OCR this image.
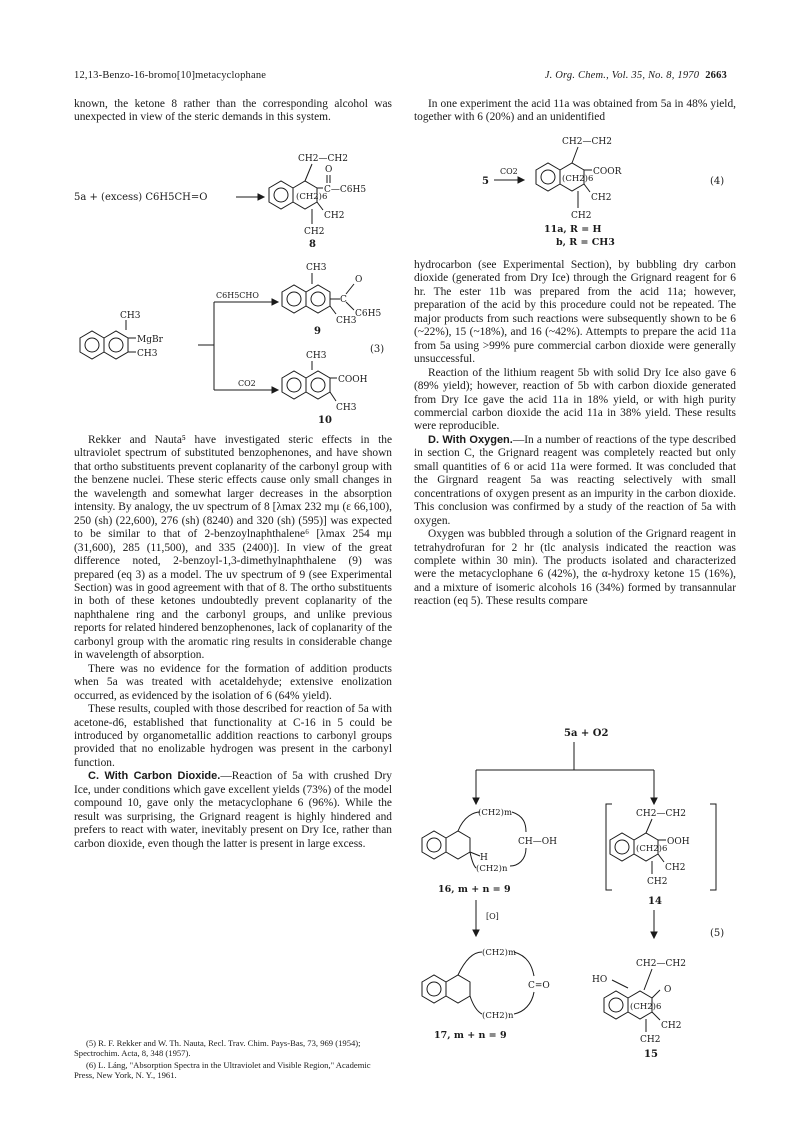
12,13-Benzo-16-bromo[10]metacyclophane	J. Org. Chem., Vol. 35, No. 8, 1970 2663

known, the ketone 8 rather than the corresponding alcohol was unexpected in view of the steric demands in this system.

5a + (excess) C6H5CH=O
CH2—CH2
O
C—C6H5
(CH2)6
CH2
CH2
8
CH3
MgBr
CH3
C6H5CHO
CO2
CH3
C
O
C6H5
CH3
9
(3)
CH3
COOH
CH3
10

Rekker and Nauta⁵ have investigated steric effects in the ultraviolet spectrum of substituted benzophenones, and have shown that ortho substituents prevent coplanarity of the carbonyl group with the benzene nuclei. These steric effects cause only small changes in the wavelength and somewhat larger decreases in the absorption intensity. By analogy, the uv spectrum of 8 [λmax 232 mμ (ε 66,100), 250 (sh) (22,600), 276 (sh) (8240) and 320 (sh) (595)] was expected to be similar to that of 2-benzoylnaphthalene⁶ [λmax 254 mμ (31,600), 285 (11,500), and 335 (2400)]. In view of the great difference noted, 2-benzoyl-1,3-dimethylnaphthalene (9) was prepared (eq 3) as a model. The uv spectrum of 9 (see Experimental Section) was in good agreement with that of 8. The ortho substituents in both of these ketones undoubtedly prevent coplanarity of the naphthalene ring and the carbonyl groups, and unlike previous reports for related hindered benzophenones, lack of coplanarity of the carbonyl group with the aromatic ring results in considerable change in wavelength of absorption.

There was no evidence for the formation of addition products when 5a was treated with acetaldehyde; extensive enolization occurred, as evidenced by the isolation of 6 (64% yield).

These results, coupled with those described for reaction of 5a with acetone-d6, established that functionality at C-16 in 5 could be introduced by organometallic addition reactions to carbonyl groups provided that no enolizable hydrogen was present in the carbonyl function.

C. With Carbon Dioxide.—Reaction of 5a with crushed Dry Ice, under conditions which gave excellent yields (73%) of the model compound 10, gave only the metacyclophane 6 (96%). While the result was surprising, the Grignard reagent is highly hindered and prefers to react with water, inevitably present on Dry Ice, rather than carbon dioxide, even though the latter is present in large excess.

(5) R. F. Rekker and W. Th. Nauta, Recl. Trav. Chim. Pays-Bas, 73, 969 (1954); Spectrochim. Acta, 8, 348 (1957).

(6) L. Láng, "Absorption Spectra in the Ultraviolet and Visible Region," Academic Press, New York, N. Y., 1961.

In one experiment the acid 11a was obtained from 5a in 48% yield, together with 6 (20%) and an unidentified

5
CO2
CH2—CH2
COOR
(CH2)6
CH2
CH2
11a, R = H
b, R = CH3
(4)

hydrocarbon (see Experimental Section), by bubbling dry carbon dioxide (generated from Dry Ice) through the Grignard reagent for 6 hr. The ester 11b was prepared from the acid 11a; however, preparation of the acid by this procedure could not be repeated. The major products from such reactions were subsequently shown to be 6 (~22%), 15 (~18%), and 16 (~42%). Attempts to prepare the acid 11a from 5a using >99% pure commercial carbon dioxide were generally unsuccessful.

Reaction of the lithium reagent 5b with solid Dry Ice also gave 6 (89% yield); however, reaction of 5b with carbon dioxide generated from Dry Ice gave the acid 11a in 18% yield, or with high purity commercial carbon dioxide the acid 11a in 38% yield. These results were reproducible.

D. With Oxygen.—In a number of reactions of the type described in section C, the Grignard reagent was completely reacted but only small quantities of 6 or acid 11a were formed. It was concluded that the Girgnard reagent 5a was reacting selectively with small concentrations of oxygen present as an impurity in the carbon dioxide. This conclusion was confirmed by a study of the reaction of 5a with oxygen.

Oxygen was bubbled through a solution of the Grignard reagent in tetrahydrofuran for 2 hr (tlc analysis indicated the reaction was complete within 30 min). The products isolated and characterized were the metacyclophane 6 (42%), the α-hydroxy ketone 15 (16%), and a mixture of isomeric alcohols 16 (34%) formed by transannular reaction (eq 5). These results compare

5a + O2
(CH2)m
CH—OH
(CH2)n
H
16, m + n = 9
CH2—CH2
OOH
(CH2)6
CH2
CH2
14
[O]
(5)
(CH2)m
C=O
(CH2)n
17, m + n = 9
HO
CH2—CH2
O
(CH2)6
CH2
CH2
15
